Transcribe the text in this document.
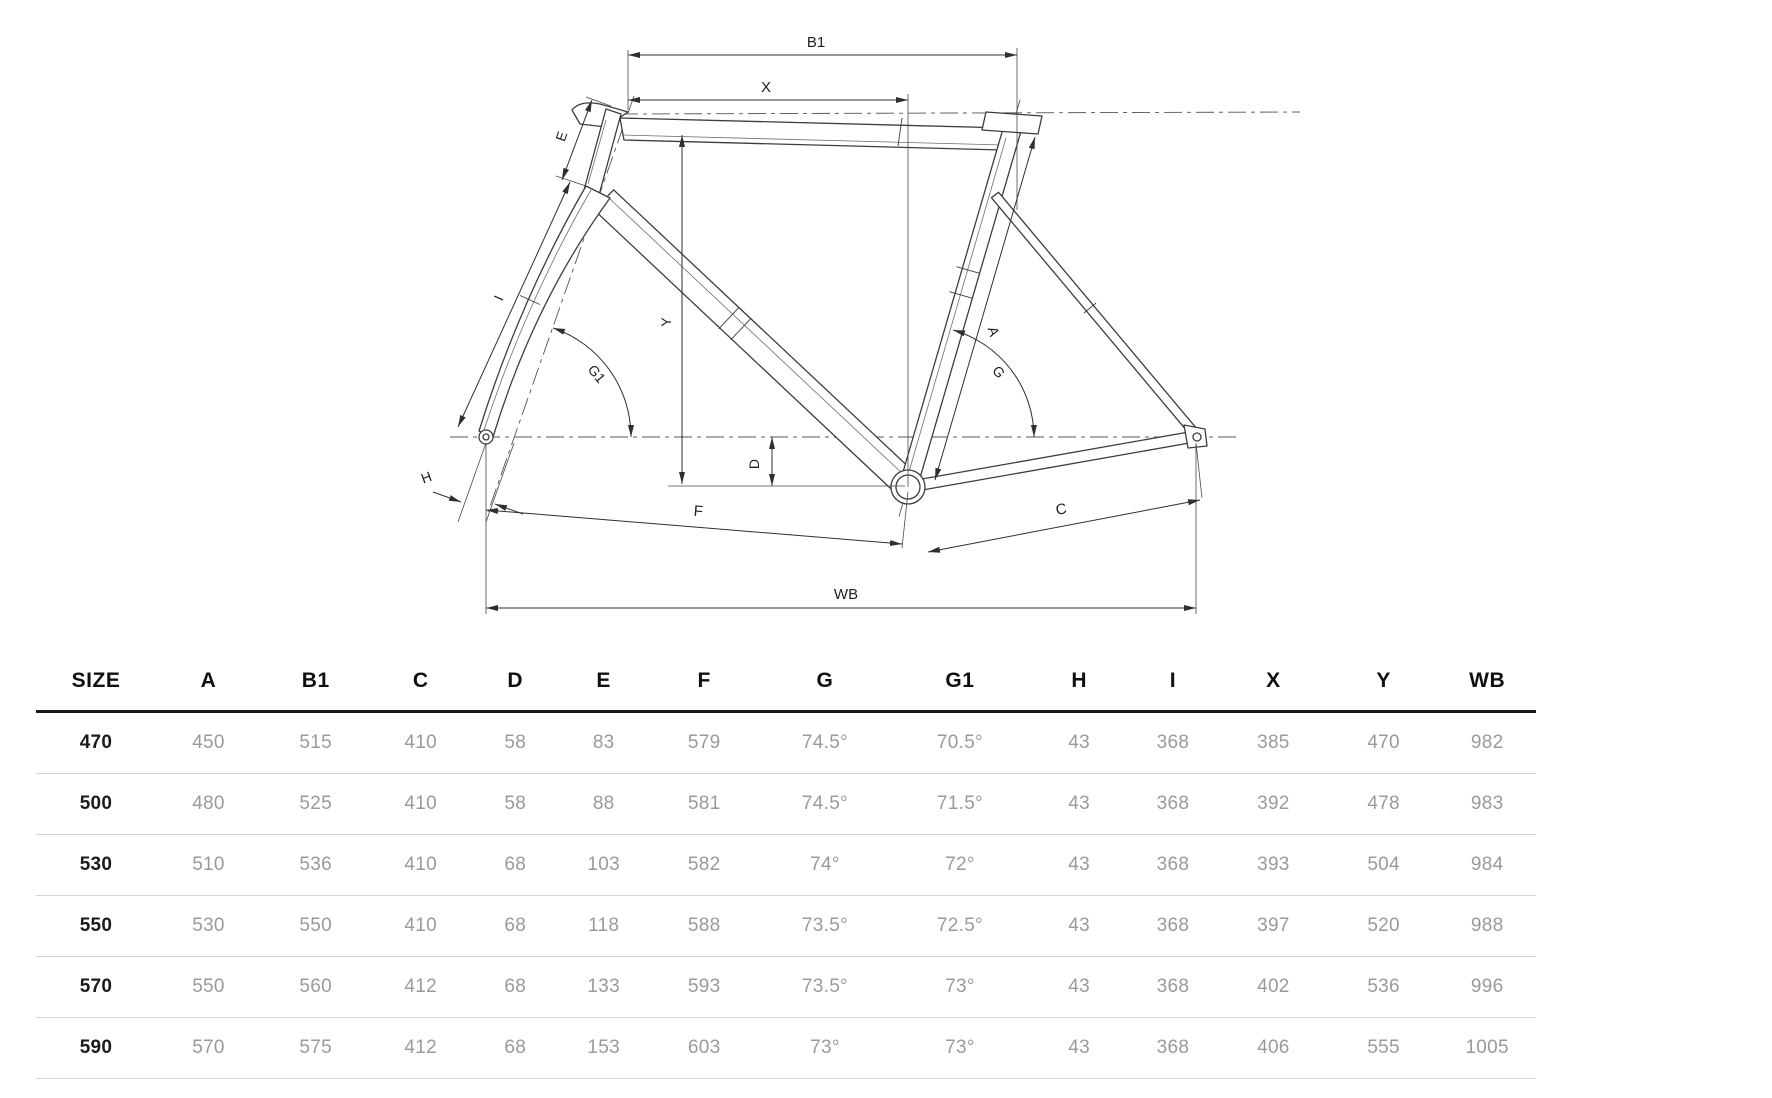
B1
X
E
I
G1
H
Y
D
A
G
F	C
WB
SIZE	A	B1	C	D	E	F	G	G1	H	I	X	Y	WB
470	450	515	410	58	83	579	74.5°	70.5°	43	368	385	470	982
500	480	525	410	58	88	581	74.5°	71.5°	43	368	392	478	983
530	510	536	410	68	103	582	74°	72°	43	368	393	504	984
550	530	550	410	68	118	588	73.5°	72.5°	43	368	397	520	988
570	550	560	412	68	133	593	73.5°	73°	43	368	402	536	996
590	570	575	412	68	153	603	73°	73°	43	368	406	555	1005
